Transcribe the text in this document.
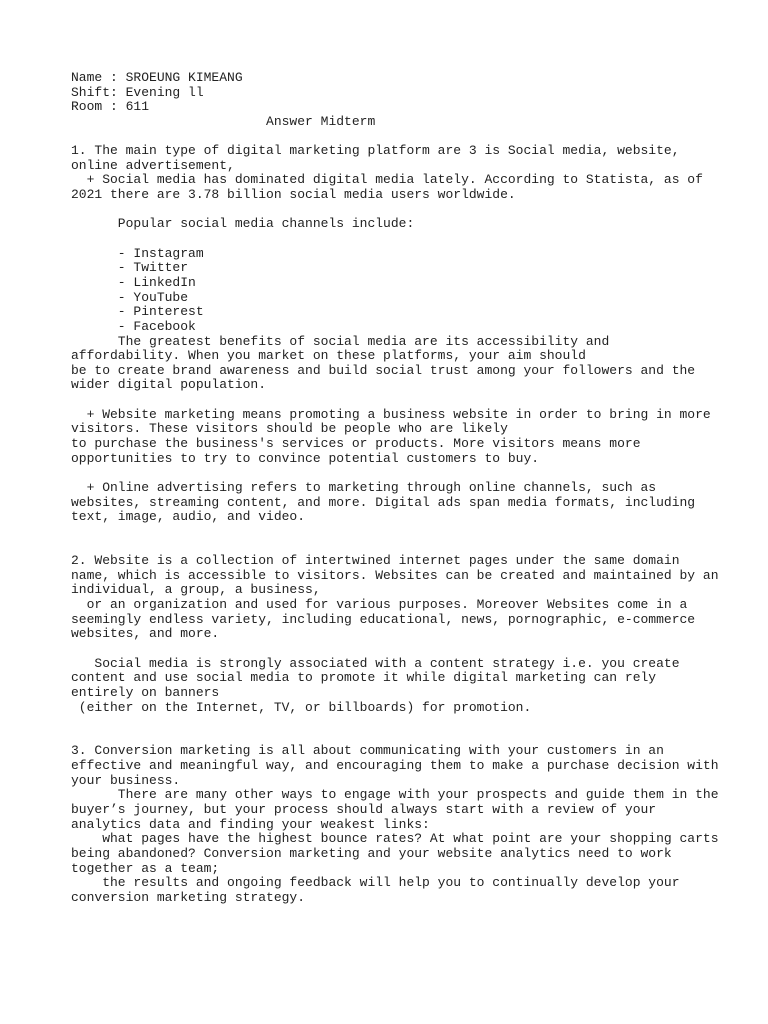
Name : SROEUNG KIMEANG
Shift: Evening ll
Room : 611
Answer Midterm
1. The main type of digital marketing platform are 3 is Social media, website,
online advertisement,
+ Social media has dominated digital media lately. According to Statista, as of
2021 there are 3.78 billion social media users worldwide.
Popular social media channels include:
- Instagram
- Twitter
- LinkedIn
- YouTube
- Pinterest
- Facebook
The greatest benefits of social media are its accessibility and
affordability. When you market on these platforms, your aim should
be to create brand awareness and build social trust among your followers and the
wider digital population.
+ Website marketing means promoting a business website in order to bring in more
visitors. These visitors should be people who are likely
to purchase the business's services or products. More visitors means more
opportunities to try to convince potential customers to buy.
+ Online advertising refers to marketing through online channels, such as
websites, streaming content, and more. Digital ads span media formats, including
text, image, audio, and video.
2. Website is a collection of intertwined internet pages under the same domain
name, which is accessible to visitors. Websites can be created and maintained by an
individual, a group, a business,
or an organization and used for various purposes. Moreover Websites come in a
seemingly endless variety, including educational, news, pornographic, e-commerce
websites, and more.
Social media is strongly associated with a content strategy i.e. you create
content and use social media to promote it while digital marketing can rely
entirely on banners
(either on the Internet, TV, or billboards) for promotion.
3. Conversion marketing is all about communicating with your customers in an
effective and meaningful way, and encouraging them to make a purchase decision with
your business.
There are many other ways to engage with your prospects and guide them in the
buyer’s journey, but your process should always start with a review of your
analytics data and finding your weakest links:
what pages have the highest bounce rates? At what point are your shopping carts
being abandoned? Conversion marketing and your website analytics need to work
together as a team;
the results and ongoing feedback will help you to continually develop your
conversion marketing strategy.
